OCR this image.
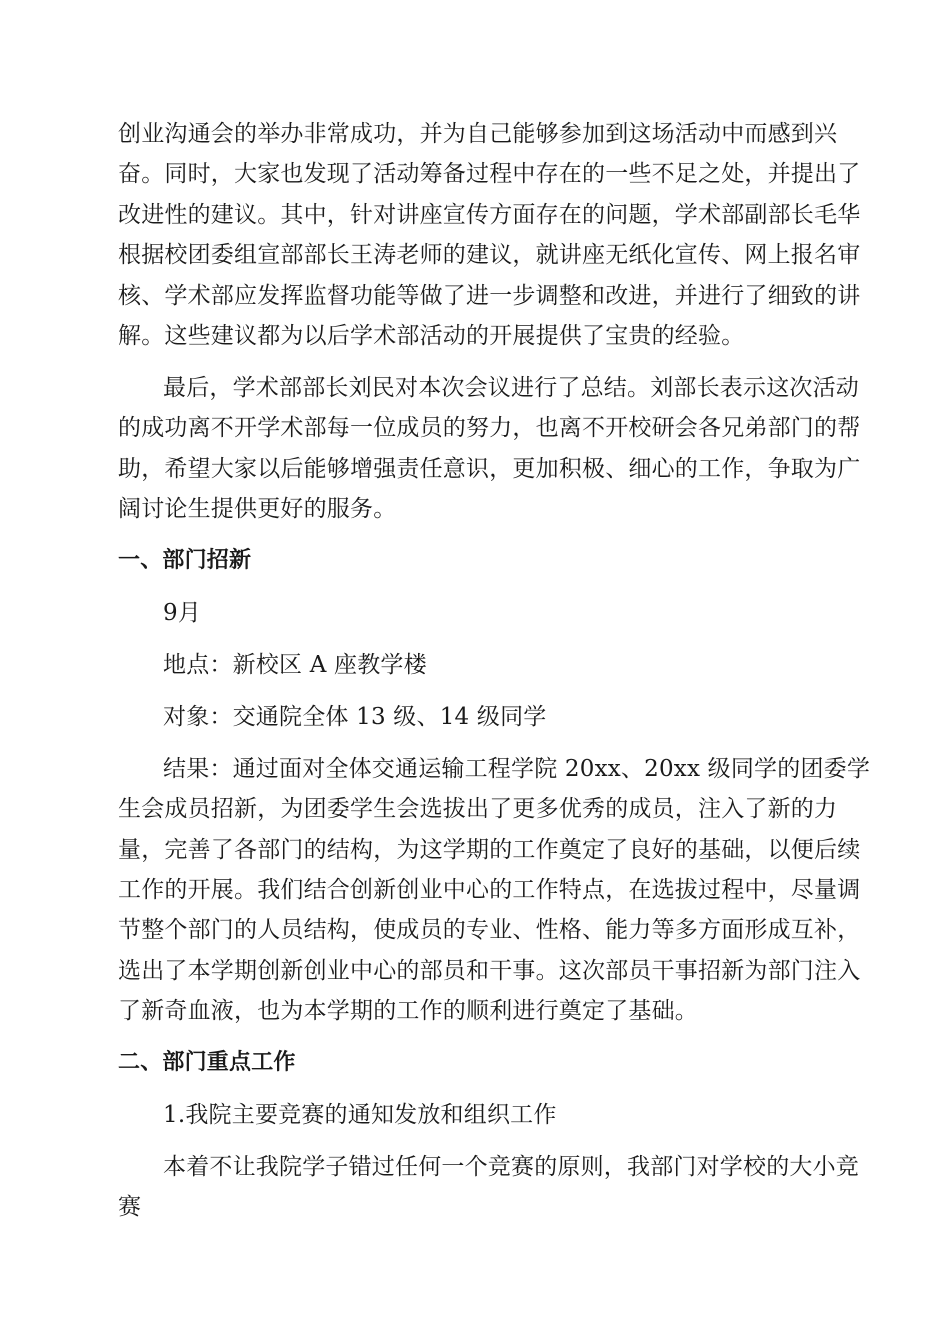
创业沟通会的举办非常成功，并为自己能够参加到这场活动中而感到兴
奋。同时，大家也发现了活动筹备过程中存在的一些不足之处，并提出了
改进性的建议。其中，针对讲座宣传方面存在的问题，学术部副部长毛华
根据校团委组宣部部长王涛老师的建议，就讲座无纸化宣传、网上报名审
核、学术部应发挥监督功能等做了进一步调整和改进，并进行了细致的讲
解。这些建议都为以后学术部活动的开展提供了宝贵的经验。
最后，学术部部长刘民对本次会议进行了总结。刘部长表示这次活动
的成功离不开学术部每一位成员的努力，也离不开校研会各兄弟部门的帮
助，希望大家以后能够增强责任意识，更加积极、细心的工作，争取为广
阔讨论生提供更好的服务。
一、部门招新
9月
地点：新校区 A 座教学楼
对象：交通院全体 13 级、14 级同学
结果：通过面对全体交通运输工程学院 20xx、20xx 级同学的团委学
生会成员招新，为团委学生会选拔出了更多优秀的成员，注入了新的力
量，完善了各部门的结构，为这学期的工作奠定了良好的基础，以便后续
工作的开展。我们结合创新创业中心的工作特点，在选拔过程中，尽量调
节整个部门的人员结构，使成员的专业、性格、能力等多方面形成互补，
选出了本学期创新创业中心的部员和干事。这次部员干事招新为部门注入
了新奇血液，也为本学期的工作的顺利进行奠定了基础。
二、部门重点工作
1.我院主要竞赛的通知发放和组织工作
本着不让我院学子错过任何一个竞赛的原则，我部门对学校的大小竞
赛
